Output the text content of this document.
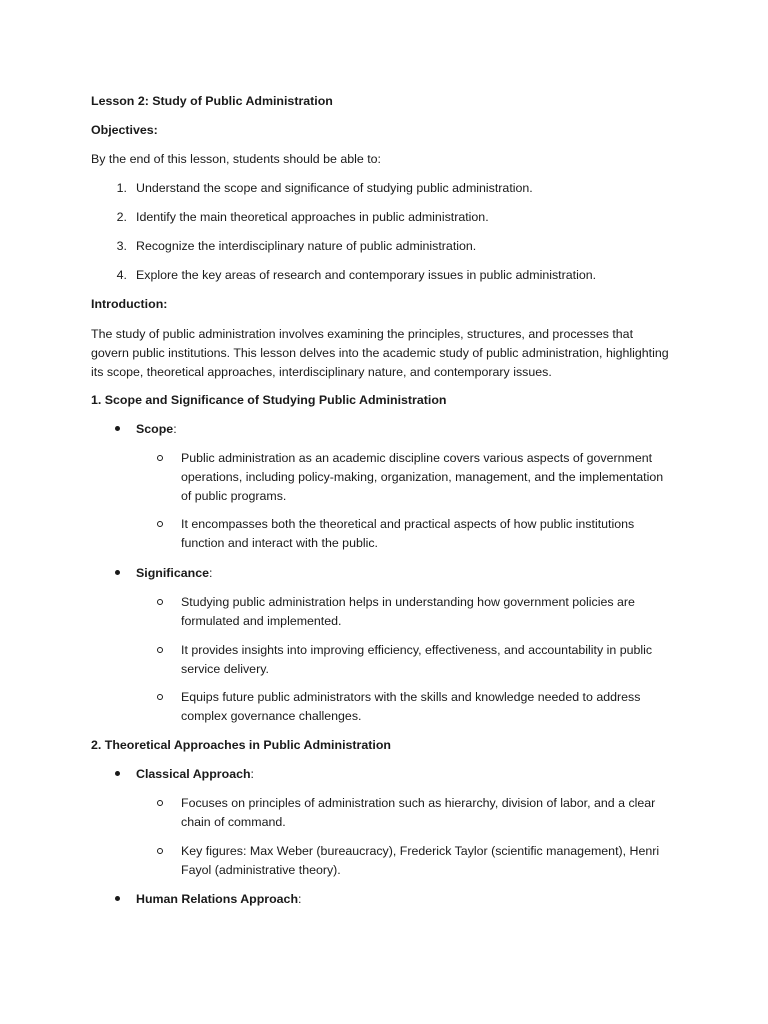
Lesson 2: Study of Public Administration

Objectives:

By the end of this lesson, students should be able to:

1. Understand the scope and significance of studying public administration.
2. Identify the main theoretical approaches in public administration.
3. Recognize the interdisciplinary nature of public administration.
4. Explore the key areas of research and contemporary issues in public administration.

Introduction:

The study of public administration involves examining the principles, structures, and processes that govern public institutions. This lesson delves into the academic study of public administration, highlighting its scope, theoretical approaches, interdisciplinary nature, and contemporary issues.

1. Scope and Significance of Studying Public Administration

Scope:
Public administration as an academic discipline covers various aspects of government operations, including policy-making, organization, management, and the implementation of public programs.
It encompasses both the theoretical and practical aspects of how public institutions function and interact with the public.
Significance:
Studying public administration helps in understanding how government policies are formulated and implemented.
It provides insights into improving efficiency, effectiveness, and accountability in public service delivery.
Equips future public administrators with the skills and knowledge needed to address complex governance challenges.

2. Theoretical Approaches in Public Administration

Classical Approach:
Focuses on principles of administration such as hierarchy, division of labor, and a clear chain of command.
Key figures: Max Weber (bureaucracy), Frederick Taylor (scientific management), Henri Fayol (administrative theory).
Human Relations Approach:
